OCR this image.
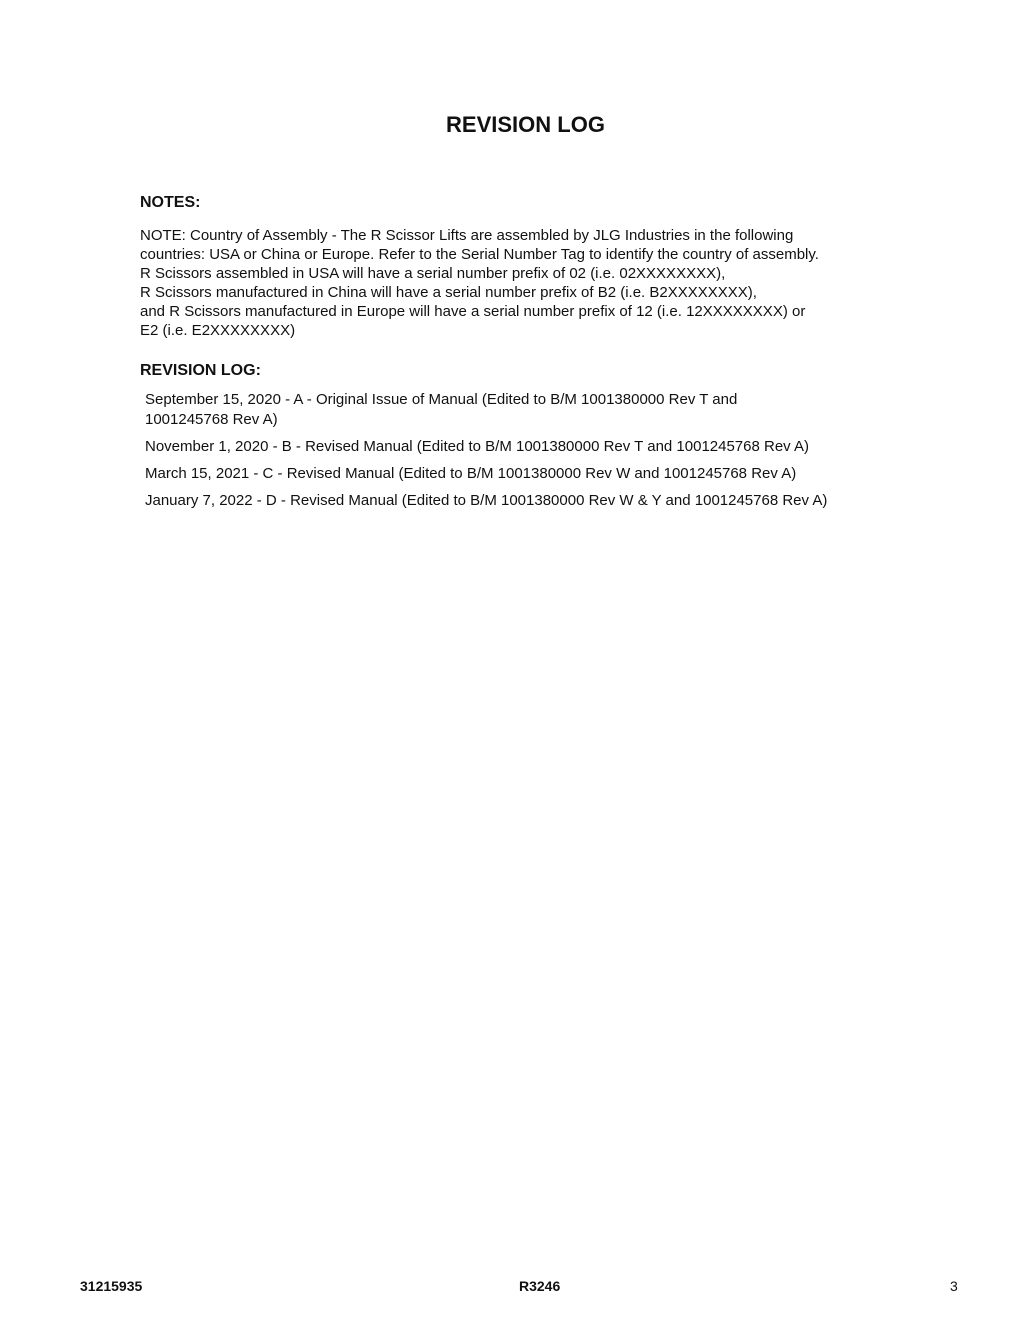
REVISION LOG
NOTES:
NOTE: Country of Assembly - The R Scissor Lifts are assembled by JLG Industries in the following
countries: USA or China or Europe. Refer to the Serial Number Tag to identify the country of assembly.
R Scissors assembled in USA will have a serial number prefix of 02 (i.e. 02XXXXXXXX),
R Scissors manufactured in China will have a serial number prefix of B2 (i.e. B2XXXXXXXX),
and R Scissors manufactured in Europe will have a serial number prefix of 12 (i.e. 12XXXXXXXX) or
E2 (i.e. E2XXXXXXXX)
REVISION LOG:
September 15, 2020 - A - Original Issue of Manual (Edited to B/M 1001380000 Rev T and
1001245768 Rev A)
November 1, 2020 - B - Revised Manual (Edited to B/M 1001380000 Rev T and 1001245768 Rev A)
March 15, 2021 - C - Revised Manual (Edited to B/M 1001380000 Rev W and 1001245768 Rev A)
January 7, 2022 - D - Revised Manual (Edited to B/M 1001380000 Rev W & Y and 1001245768 Rev A)
31215935	R3246	3
